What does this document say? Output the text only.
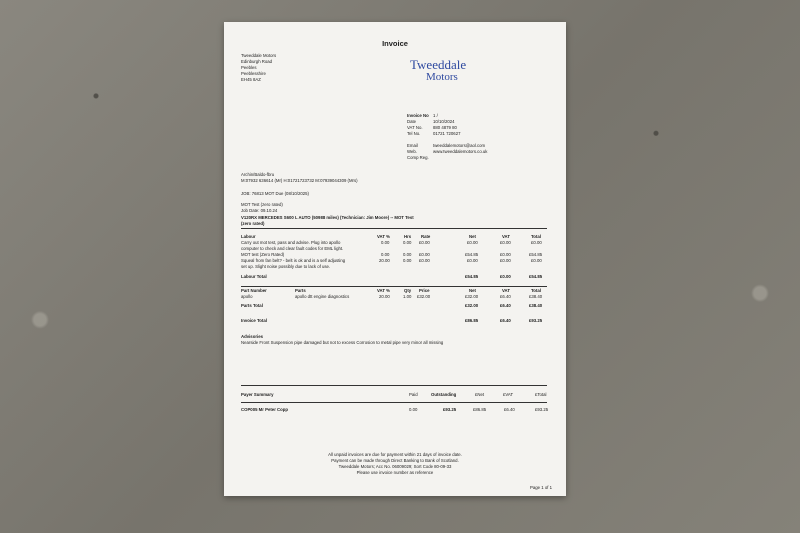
Invoice
Tweeddale Motors
Edinburgh Road
Peebles
Peeblesshire
EH45 8AZ
Tweeddale
Motors
Invoice No 1 /
Date	10/10/2024
VAT No.	880 4879 80
Tel No.	01721 720627
Email	tweeddalemotors@aol.com
Web.	www.tweeddalemotors.co.uk
Comp Reg.
Archin/Baldo-fbru
M:07932 636614 (Mr) H:01721723732 M:07939044309 (Mrs)
JOB: 76813 MOT Due (08/10/2025)
MOT Test (zero rated)
Job Date: 09.10.24
V120RX MERCEDES S600 L AUTO (50988 miles) (Technician: Jim Moore) -- MOT Test
(zero rated)
Labour	VAT %	Hrs Rate	Net	VAT	Total
Carry out mot test, pass and advise. Plug into apollo	0.00	0.00 £0.00	£0.00	£0.00	£0.00
computer to check and clear fault codes for EML light.
MOT test (Zero Rated)	0.00	0.00 £0.00	£54.85	£0.00	£54.85
Squeal from fan belt? - belt is ok and is a self adjusting	20.00	0.00 £0.00	£0.00	£0.00	£0.00
set up. Slight noise possibly due to lack of use.
Labour Total	£54.85	£0.00	£54.85
Part Number	Parts	VAT %	Qty Price	Net	VAT	Total
apollo	apollo dtt engine diagnostics	20.00	1.00 £32.00	£32.00	£6.40	£38.40
Parts Total	£32.00	£6.40	£38.40
Invoice Total	£86.85	£6.40	£93.25
Advisories
Nearside Front Suspension pipe damaged but not to excess Corrosion to metal pipe very minor all missing
Payer Summary	Paid	Outstanding	£Net	£VAT	£Total
COP005 Mr Peter Copp	0.00	£93.25	£86.85	£6.40	£93.25
All unpaid invoices are due for payment within 21 days of invoice date.
Payment can be made through Direct Banking to Bank of Scotland.
Tweeddale Motors; Acc No. 06009029; Sort Code 80-09-33
Please use invoice number as reference
Page 1 of 1
